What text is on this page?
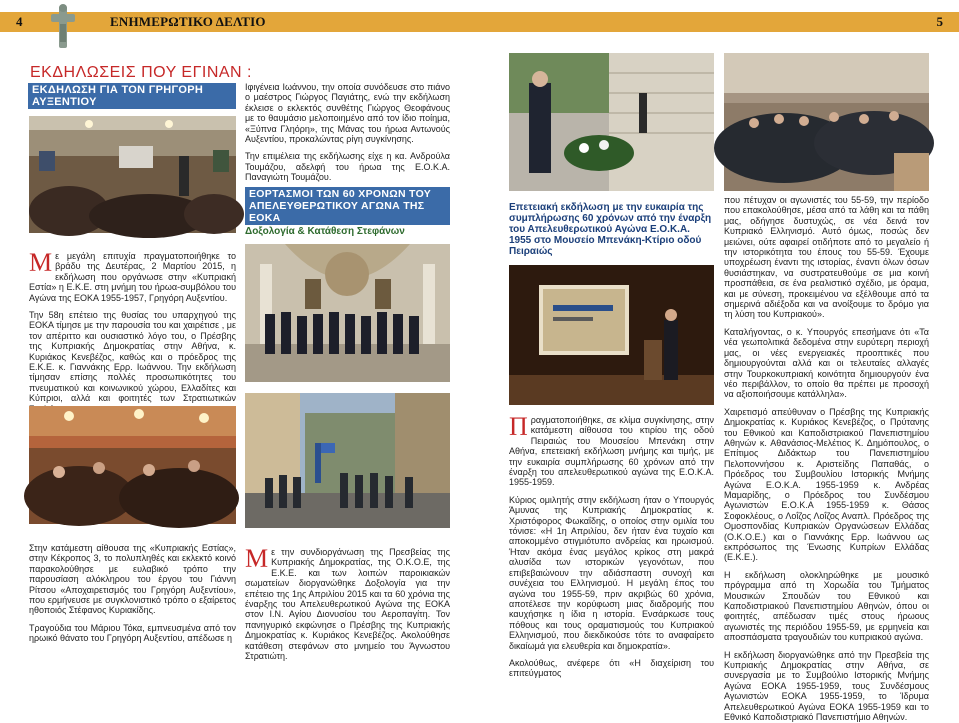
4	ΕΝΗΜΕΡΩΤΙΚΟ ΔΕΛΤΙΟ	5
ΕΚΔΗΛΩΣΕΙΣ ΠΟΥ ΕΓΙΝΑΝ :
ΕΚΔΗΛΩΣΗ ΓΙΑ ΤΟΝ ΓΡΗΓΟΡΗ
ΑΥΞΕΝΤΙΟΥ

Με μεγάλη επιτυχία πραγματοποιήθηκε το βράδυ της Δευτέρας, 2 Μαρτίου 2015, η εκδήλωση που οργάνωσε στην «Κυπριακή Εστία» η Ε.Κ.Ε. στη μνήμη του ήρωα-συμβόλου του Αγώνα της ΕΟΚΑ 1955-1957, Γρηγόρη Αυξεντίου.

Την 58η επέτειο της θυσίας του υπαρχηγού της ΕΟΚΑ τίμησε με την παρουσία του και χαιρέτισε , με τον απέριττο και ουσιαστικό λόγο του, ο Πρέσβης της Κυπριακής Δημοκρατίας στην Αθήνα, κ. Κυριάκος Κενεβέζος, καθώς και ο πρόεδρος της Ε.Κ.Ε. κ. Γιαννάκης Ερρ. Ιωάννου. Την εκδήλωση τίμησαν επίσης πολλές προσωπικότητες του πνευματικού και κοινωνικού χώρου, Ελλαδίτες και Κύπριοι, αλλά και φοιτητές των Στρατιωτικών

Στην κατάμεστη αίθουσα της «Κυπριακής Εστίας», στην Κέκροπος 3, το πολυπληθές και εκλεκτό κοινό παρακολούθησε με ευλαβικό τρόπο την παρουσίαση αλόκληρου του έργου του Γιάννη Ρίτσου «Αποχαιρετισμός του Γρηγόρη Αυξεντίου», που ερμήνευσε με συγκλονιστικό τρόπο ο εξαίρετος ηθοποιός Στέφανος Κυριακίδης.

Τραγούδια του Μάριου Τόκα, εμπνευσμένα από τον ηρωικό θάνατο του Γρηγόρη Αυξεντίου, απέδωσε η

Ιφιγένεια Ιωάννου, την οποία συνόδευσε στο πιάνο ο μαέστρος Γιώργος Παγιάτης, ενώ την εκδήλωση έκλεισε ο εκλεκτός συνθέτης Γιώργος Θεοφάνους με το θαυμάσιο μελοποιημένο από τον ίδιο ποίημα, «Ξύπνα Γληόρη», της Μάνας του ήρωα Αντωνούς Αυξεντίου, προκαλώντας ρίγη συγκίνησης.

Την επιμέλεια της εκδήλωσης είχε η κα. Ανδρούλα Τουμάζου, αδελφή του ήρωα της Ε.Ο.Κ.Α. Παναγιώτη Τουμάζου.

ΕΟΡΤΑΣΜΟΙ ΤΩΝ 60 ΧΡΟΝΩΝ ΤΟΥ
ΑΠΕΛΕΥΘΕΡΩΤΙΚΟΥ ΑΓΩΝΑ ΤΗΣ
ΕΟΚΑ
Δοξολογία & Κατάθεση Στεφάνων

Με την συνδιοργάνωση της Πρεσβείας της Κυπριακής Δημοκρατίας, της Ο.Κ.Ο.Ε, της Ε.Κ.Ε. και των λοιπών παροικιακών σωματείων διοργανώθηκε Δοξολογία για την επέτειο της 1ης Απριλίου 2015 και τα 60 χρόνια της έναρξης του Απελευθερωτικού Αγώνα της ΕΟΚΑ στον Ι.Ν. Αγίου Διονυσίου του Αεροπαγίτη. Τον πανηγυρικό εκφώνησε ο Πρέσβης της Κυπριακής Δημοκρατίας κ. Κυριάκος Κενεβέζος. Ακολούθησε κατάθεση στεφάνων στο μνημείο του Άγνωστου Στρατιώτη.

Επετειακή εκδήλωση με την ευκαιρία της
συμπλήρωσης 60 χρόνων από την έναρξη
του Απελευθερωτικού Αγώνα Ε.Ο.Κ.Α.
1955 στο Μουσείο Μπενάκη-Κτίριο οδού
Πειραιώς

Πραγματοποιήθηκε, σε κλίμα συγκίνησης, στην κατάμεστη αίθουσα του κτιρίου της οδού Πειραιώς του Μουσείου Μπενάκη στην Αθήνα, επετειακή εκδήλωση μνήμης και τιμής, με την ευκαιρία συμπλήρωσης 60 χρόνων από την έναρξη του απελευθερωτικού αγώνα της Ε.Ο.Κ.Α. 1955-1959.

Κύριος ομιλητής στην εκδήλωση ήταν ο Υπουργός Άμυνας της Κυπριακής Δημοκρατίας κ. Χριστόφορος Φωκαΐδης, ο οποίος στην ομιλία του τόνισε: «Η 1η Απριλίου, δεν ήταν ένα τυχαίο και αποκομμένο στιγμιότυπο ανδρείας και ηρωισμού. Ήταν ακόμα ένας μεγάλος κρίκος στη μακρά αλυσίδα των ιστορικών γεγονότων, που επιβεβαιώνουν την αδιάσπαστη συνοχή και συνέχεια του Ελληνισμού. Η μεγάλη έπος του αγώνα του 1955-59, πριν ακριβώς 60 χρόνια, αποτέλεσε την κορύφωση μιας διαδρομής που καυχήσηκε η ίδια η ιστορία. Ενσάρκωσε τους πόθους και τους οραματισμούς του Κυπριακού Ελληνισμού, που διεκδικούσε τότε το αναφαίρετο δικαίωμά για ελευθερία και δημοκρατία».

Ακολούθως, ανέφερε ότι «Η διαχείριση του επιτεύγματος

που πέτυχαν οι αγωνιστές του 55-59, την περίοδο που επακολούθησε, μέσα από τα λάθη και τα πάθη μας, οδήγησε δυστυχώς, σε νέα δεινά τον Κυπριακό Ελληνισμό. Αυτό όμως, ποσώς δεν μειώνει, ούτε αφαιρεί οτιδήποτε από το μεγαλείο ή την ιστορικότητα του έπους του 55-59. Έχουμε υποχρέωση έναντι της ιστορίας, έναντι όλων όσων θυσιάστηκαν, να συστρατευθούμε σε μια κοινή προσπάθεια, σε ένα ρεαλιστικό σχέδιο, με όραμα, και με σύνεση, προκειμένου να εξέλθουμε από τα σημερινά αδιέξοδα και να ανοίξουμε το δρόμο για τη λύση του Κυπριακού».

Καταλήγοντας, ο κ. Υπουργός επεσήμανε ότι «Τα νέα γεωπολιτικά δεδομένα στην ευρύτερη περιοχή μας, οι νέες ενεργειακές προοπτικές που δημιουργούνται αλλά και οι τελευταίες αλλαγές στην Τουρκοκυπριακή κοινότητα δημιουργούν ένα νέο περιβάλλον, το οποίο θα πρέπει με προσοχή να αξιοποιήσουμε κατάλληλα».

Χαιρετισμό απεύθυναν ο Πρέσβης της Κυπριακής Δημοκρατίας κ. Κυριάκος Κενεβέζος, ο Πρύτανης του Εθνικού και Καποδιστριακού Πανεπιστημίου Αθηνών κ. Αθανάσιος-Μελέτιος Κ. Δημόπουλος, ο Επίτιμος Διδάκτωρ του Πανεπιστημίου Πελοποννήσου κ. Αριστείδης Παπαθάς, ο Πρόεδρος του Συμβουλίου Ιστορικής Μνήμης Αγώνα Ε.Ο.Κ.Α. 1955-1959 κ. Ανδρέας Μαμαρίδης, ο Πρόεδρος του Συνδέσμου Αγωνιστών Ε.Ο.Κ.Α 1955-1959 κ. Θάσος Σοφοκλέους, ο Λοΐζος Λοΐζος Αναπλ. Πρόεδρος της Ομοσπονδίας Κυπριακών Οργανώσεων Ελλάδας (Ο.Κ.Ο.Ε.) και ο Γιαννάκης Ερρ. Ιωάννου ως εκπρόσωπος της Ένωσης Κυπρίων Ελλάδας (Ε.Κ.Ε.).

Η εκδήλωση ολοκληρώθηκε με μουσικό πρόγραμμα από τη Χορωδία του Τμήματος Μουσικών Σπουδών του Εθνικού και Καποδιστριακού Πανεπιστημίου Αθηνών, όπου οι φοιτητές, απέδωσαν τιμές στους ήρωους αγωνιστές της περιόδου 1955-59, με ερμηνεία και αποσπάσματα τραγουδιών του κυπριακού αγώνα.

Η εκδήλωση διοργανώθηκε από την Πρεσβεία της Κυπριακής Δημοκρατίας στην Αθήνα, σε συνεργασία με το Συμβούλιο Ιστορικής Μνήμης Αγώνα ΕΟΚΑ 1955-1959, τους Συνδέσμους Αγωνιστών ΕΟΚΑ 1955-1959, το Ίδρυμα Απελευθερωτικού Αγώνα ΕΟΚΑ 1955-1959 και το Εθνικό Καποδιστριακό Πανεπιστήμιο Αθηνών.
